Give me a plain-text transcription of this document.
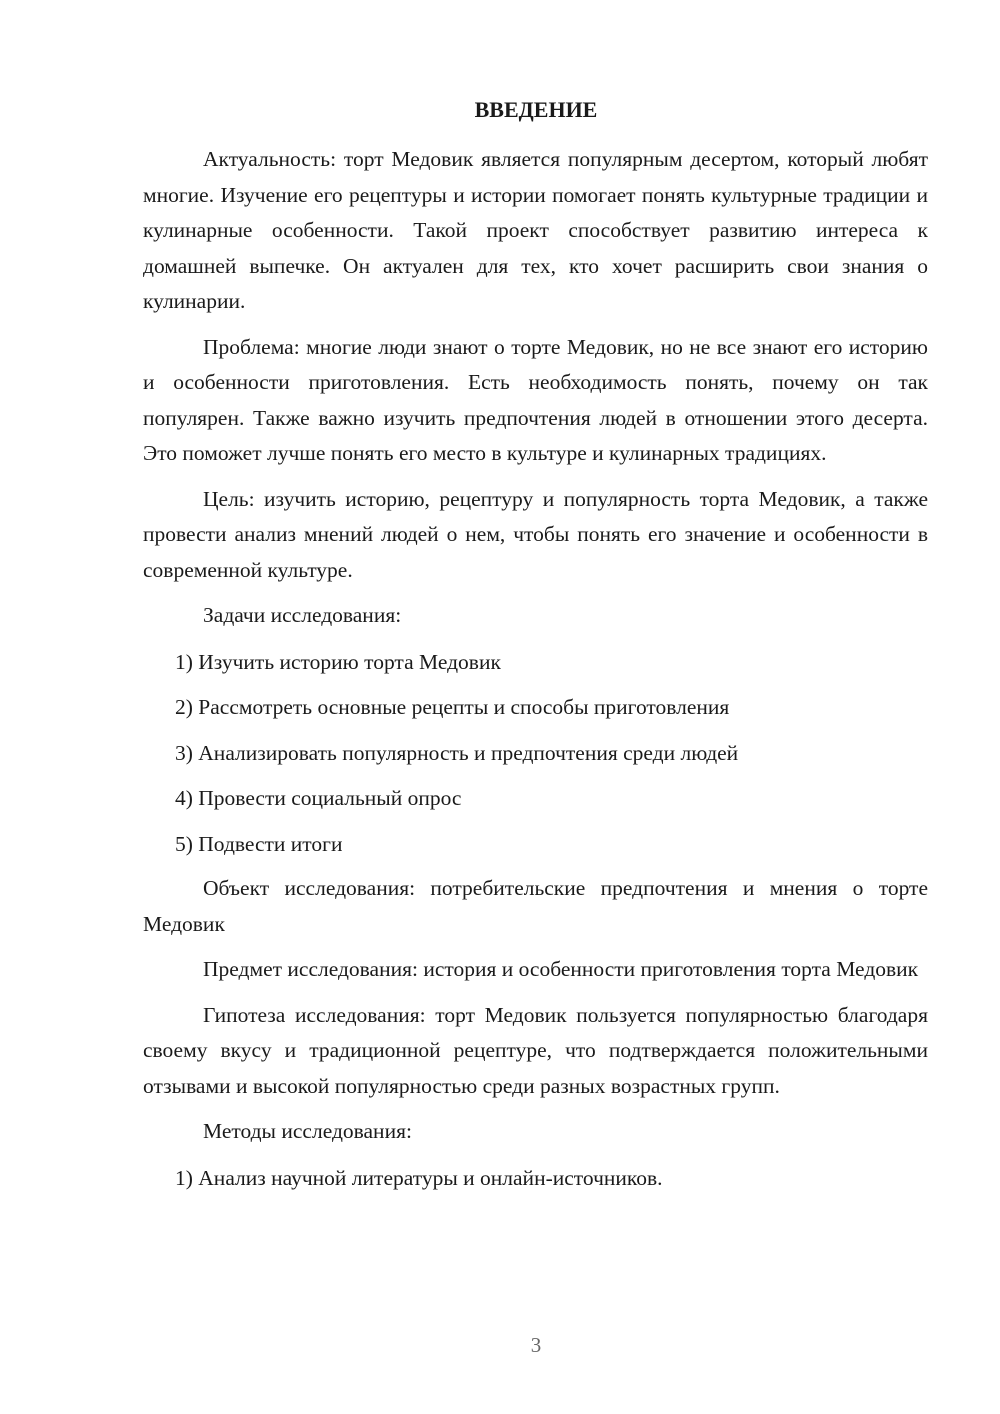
ВВЕДЕНИЕ

Актуальность: торт Медовик является популярным десертом, который любят многие. Изучение его рецептуры и истории помогает понять культурные традиции и кулинарные особенности. Такой проект способствует развитию интереса к домашней выпечке. Он актуален для тех, кто хочет расширить свои знания о кулинарии.

Проблема: многие люди знают о торте Медовик, но не все знают его историю и особенности приготовления. Есть необходимость понять, почему он так популярен. Также важно изучить предпочтения людей в отношении этого десерта. Это поможет лучше понять его место в культуре и кулинарных традициях.

Цель: изучить историю, рецептуру и популярность торта Медовик, а также провести анализ мнений людей о нем, чтобы понять его значение и особенности в современной культуре.

Задачи исследования:

1) Изучить историю торта Медовик
2) Рассмотреть основные рецепты и способы приготовления
3) Анализировать популярность и предпочтения среди людей
4) Провести социальный опрос
5) Подвести итоги

Объект исследования: потребительские предпочтения и мнения о торте Медовик

Предмет исследования: история и особенности приготовления торта Медовик

Гипотеза исследования: торт Медовик пользуется популярностью благодаря своему вкусу и традиционной рецептуре, что подтверждается положительными отзывами и высокой популярностью среди разных возрастных групп.

Методы исследования:

1) Анализ научной литературы и онлайн-источников.
3
